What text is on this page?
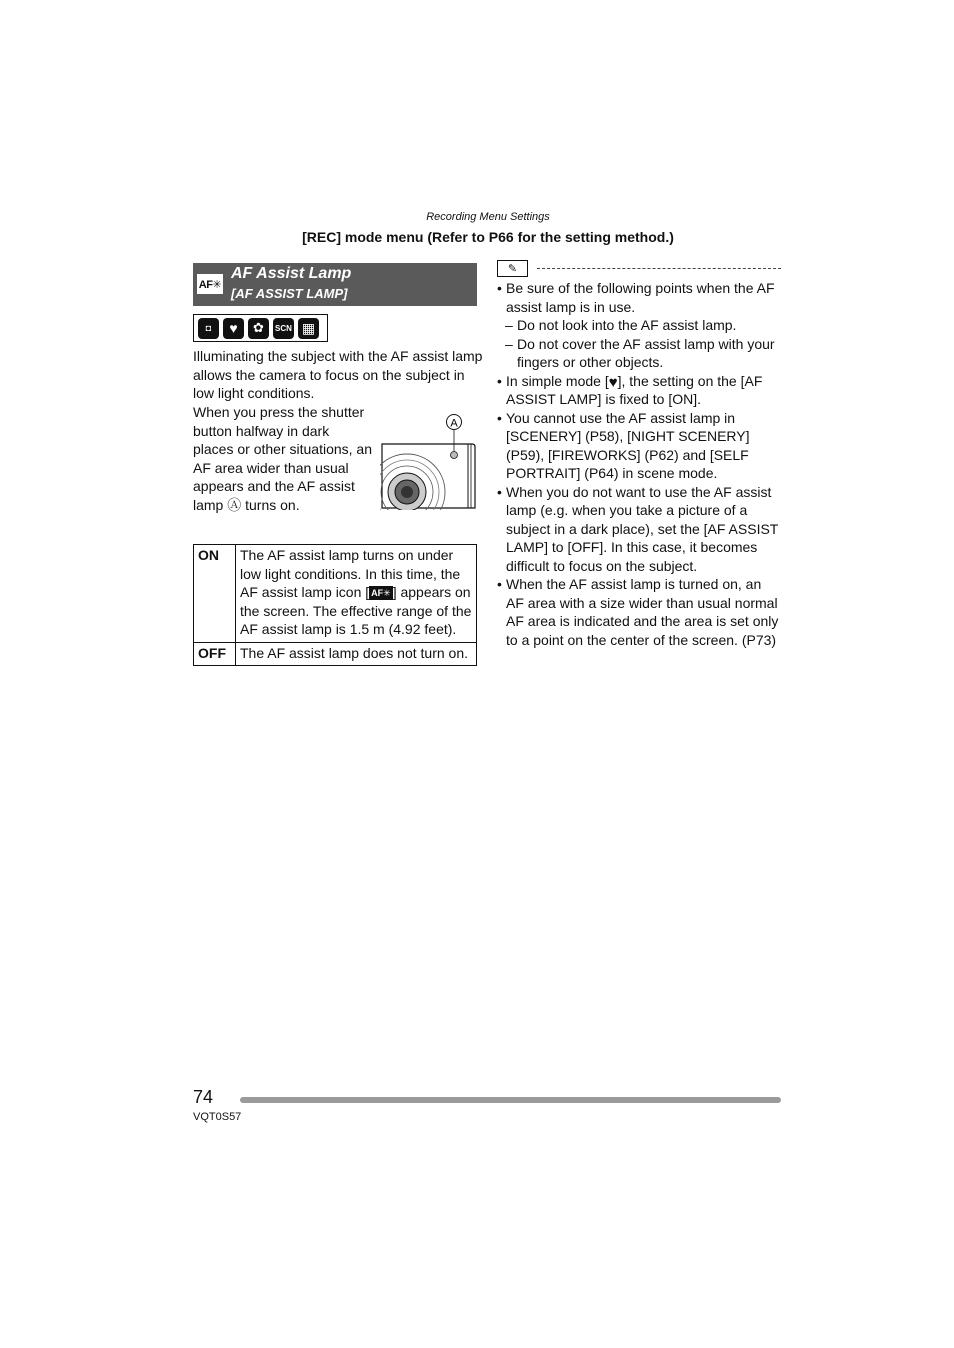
Recording Menu Settings
[REC] mode menu (Refer to P66 for the setting method.)
AF✳
AF Assist Lamp
[AF ASSIST LAMP]
◘	♥	✿	SCN ▦
Illuminating the subject with the AF assist lamp allows the camera to focus on the subject in low light conditions.
When you press the shutter button halfway in dark places or other situations, an AF area wider than usual appears and the AF assist lamp Ⓐ turns on.
A
ON	The AF assist lamp turns on under low light conditions. In this time, the AF assist lamp icon [ AF✳ ] appears on the screen. The effective range of the AF assist lamp is 1.5 m (4.92 feet).
OFF	The AF assist lamp does not turn on.
✎
• Be sure of the following points when the AF assist lamp is in use.
– Do not look into the AF assist lamp.
– Do not cover the AF assist lamp with your fingers or other objects.
• In simple mode [♥], the setting on the [AF ASSIST LAMP] is fixed to [ON].
• You cannot use the AF assist lamp in [SCENERY] (P58), [NIGHT SCENERY] (P59), [FIREWORKS] (P62) and [SELF PORTRAIT] (P64) in scene mode.
• When you do not want to use the AF assist lamp (e.g. when you take a picture of a subject in a dark place), set the [AF ASSIST LAMP] to [OFF]. In this case, it becomes difficult to focus on the subject.
• When the AF assist lamp is turned on, an AF area with a size wider than usual normal AF area is indicated and the area is set only to a point on the center of the screen. (P73)
74
VQT0S57
